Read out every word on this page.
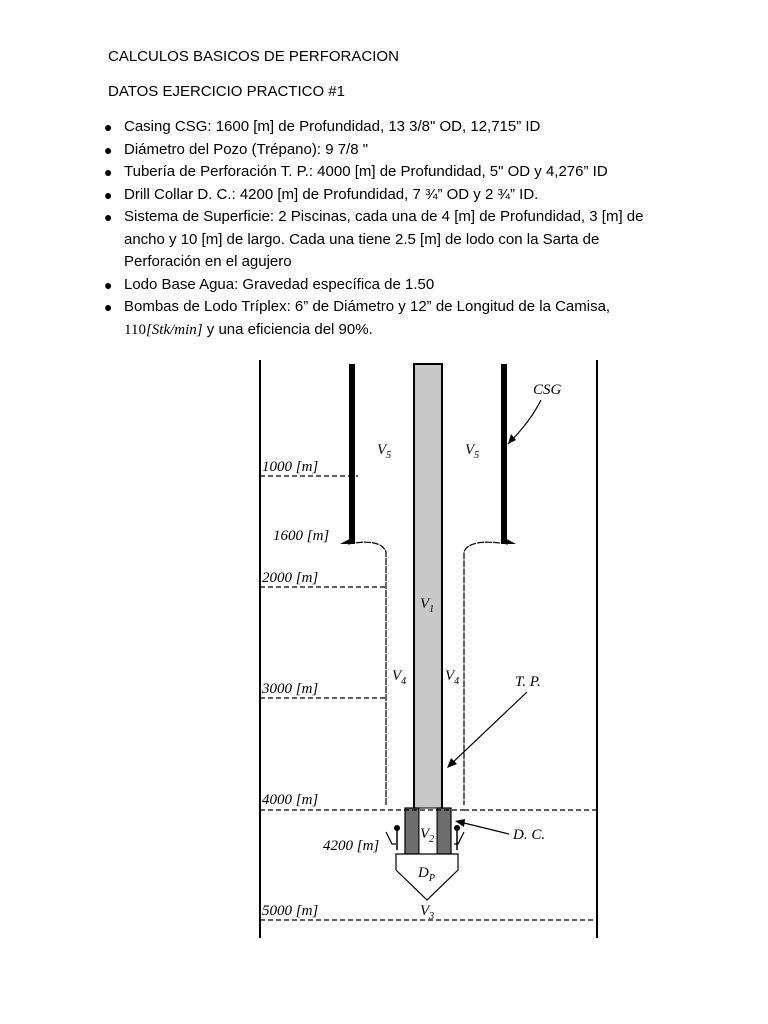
CALCULOS BASICOS DE PERFORACION
DATOS EJERCICIO PRACTICO #1
● Casing CSG: 1600 [m] de Profundidad, 13 3/8" OD, 12,715” ID
● Diámetro del Pozo (Trépano): 9 7/8 "
● Tubería de Perforación T. P.: 4000 [m] de Profundidad, 5" OD y 4,276” ID
● Drill Collar D. C.: 4200 [m] de Profundidad, 7 ¾” OD y 2 ¾” ID.
● Sistema de Superficie: 2 Piscinas, cada una de 4 [m] de Profundidad, 3 [m] de ancho y 10 [m] de largo. Cada una tiene 2.5 [m] de lodo con la Sarta de Perforación en el agujero
● Lodo Base Agua: Gravedad específica de 1.50
● Bombas de Lodo Tríplex: 6” de Diámetro y 12” de Longitud de la Camisa,
110[Stk/min] y una eficiencia del 90%.
1000 [m]
1600 [m]
2000 [m]
3000 [m]
4000 [m]
4200 [m]
5000 [m]
$V_5$	$V_5$
$V_1$
$V_4$	$V_4$
$V_2$
$D_P$
$V_3$
CSG
T. P.
D. C.
